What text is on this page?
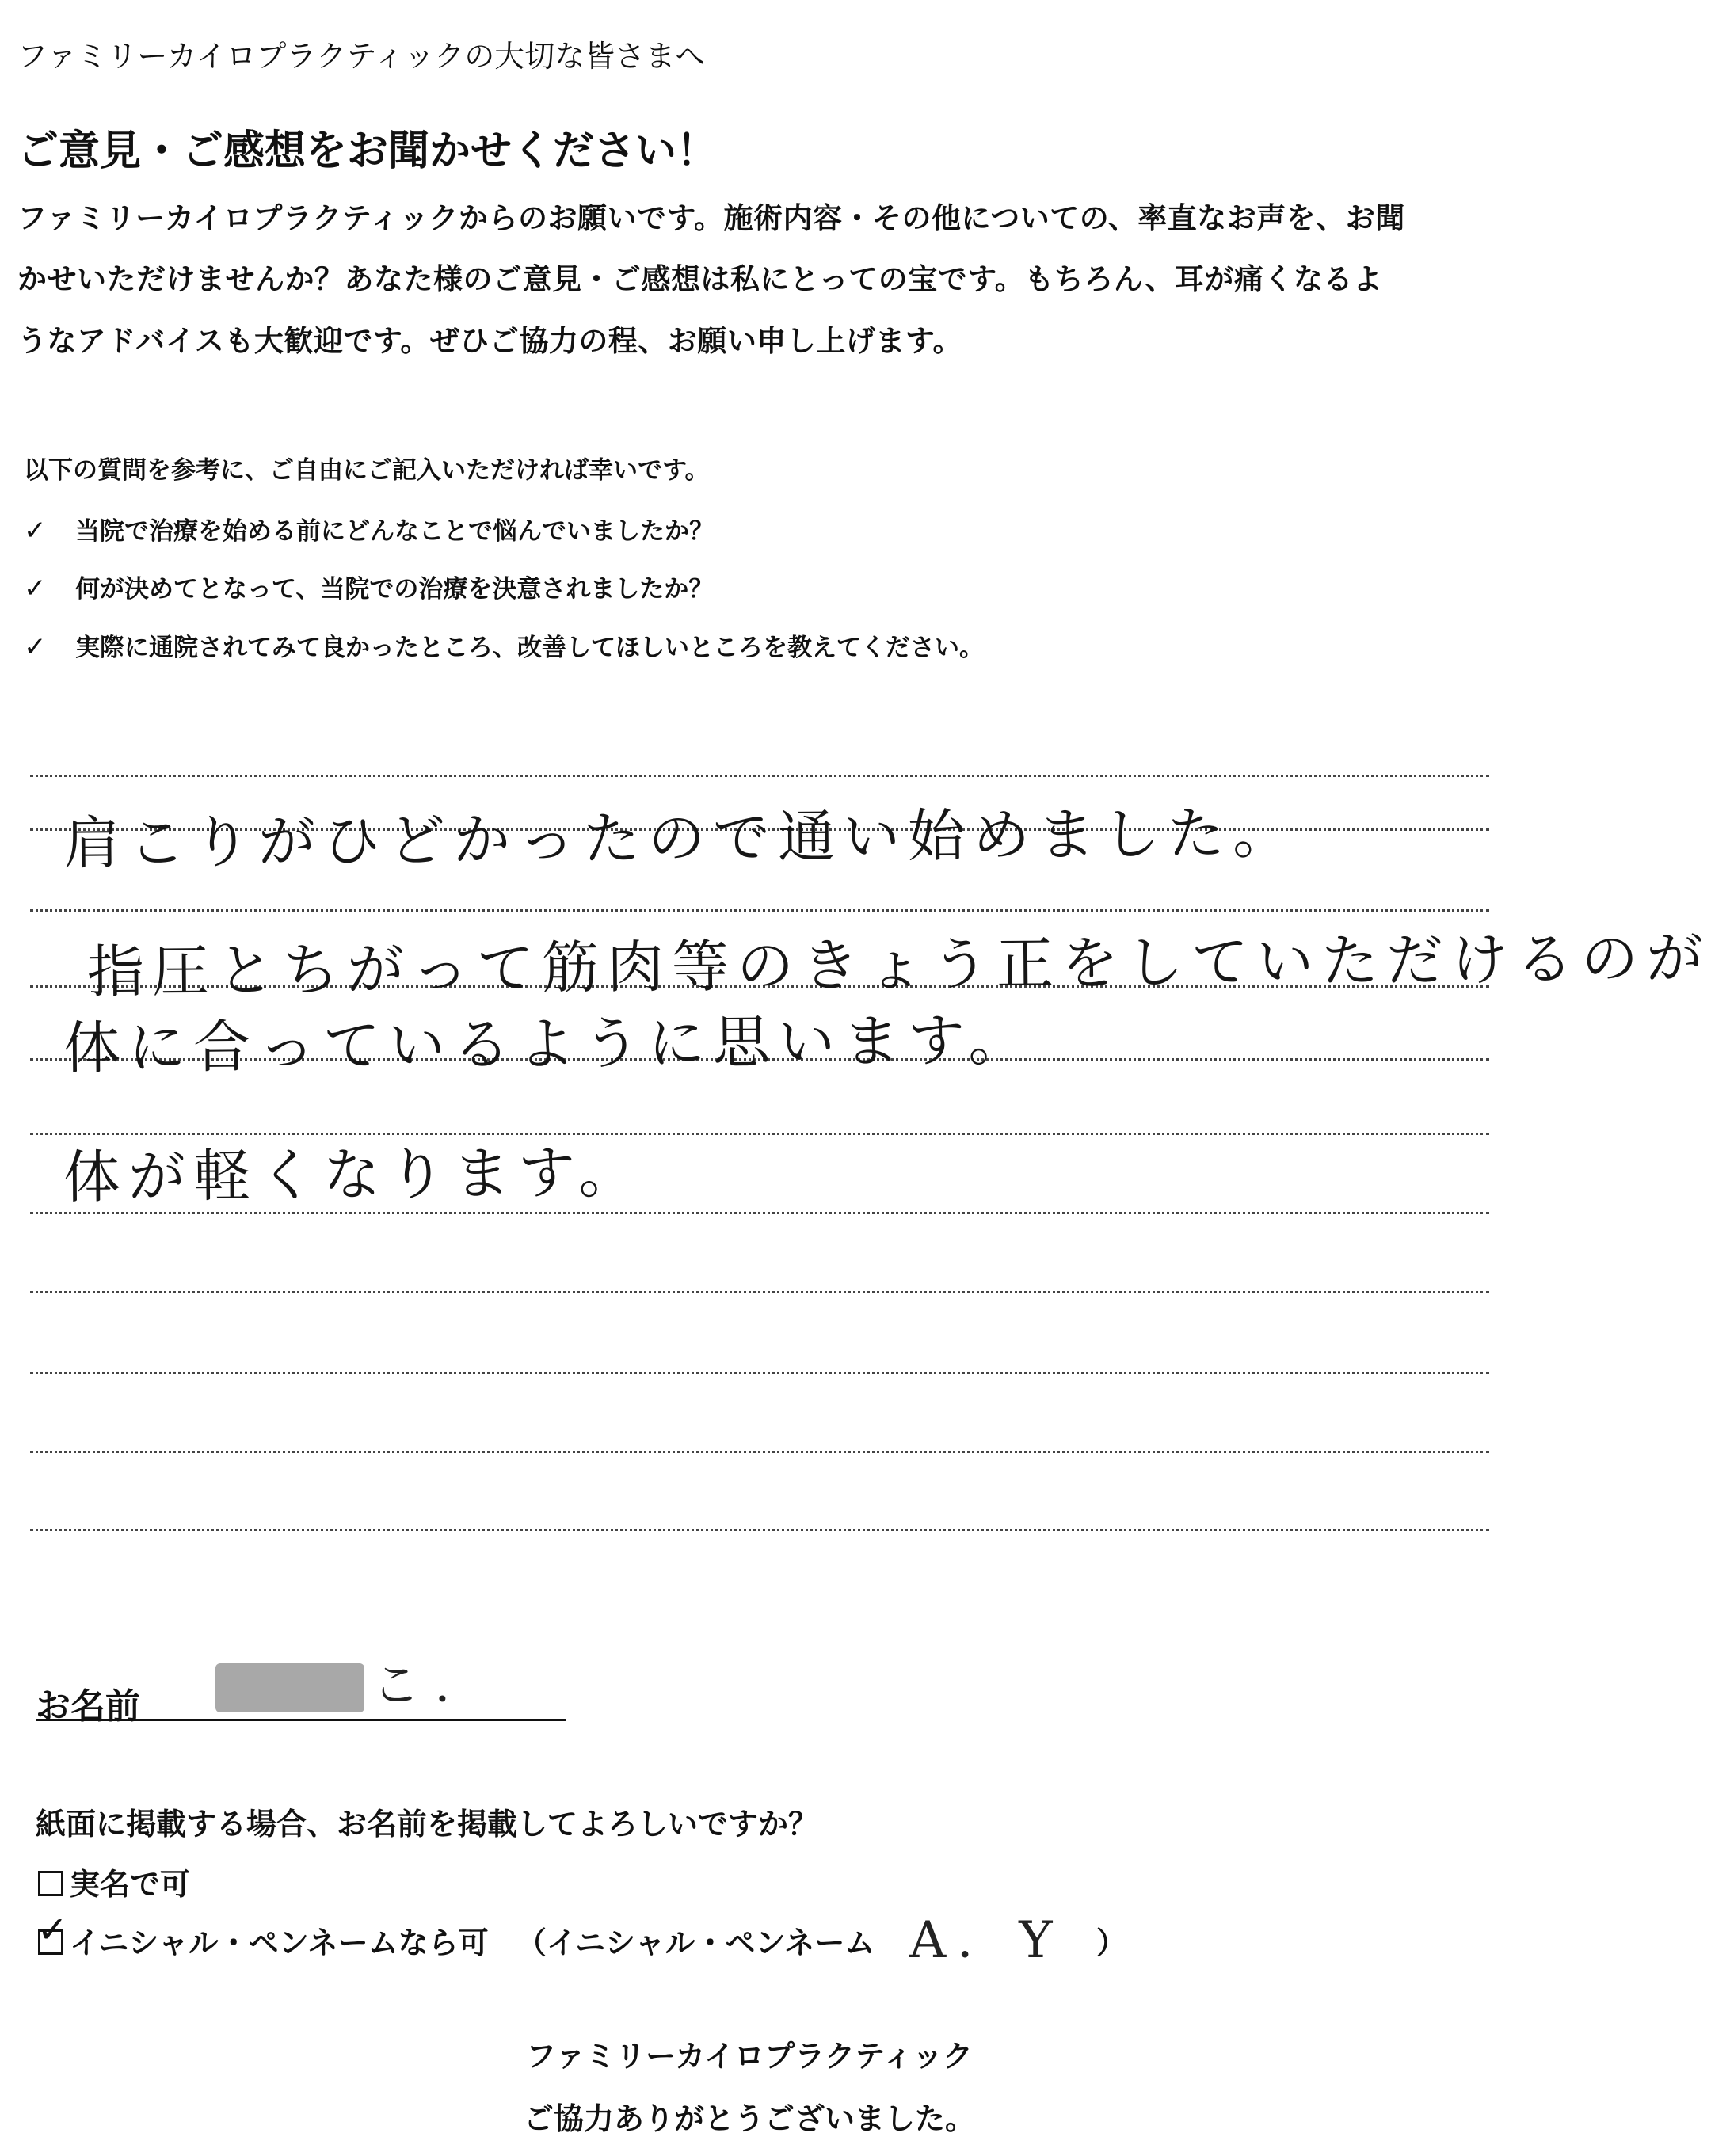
ファミリーカイロプラクティックの大切な皆さまへ
ご意見・ご感想をお聞かせください！
ファミリーカイロプラクティックからのお願いです。施術内容・その他についての、率直なお声を、お聞
かせいただけませんか？あなた様のご意見・ご感想は私にとっての宝です。もちろん、耳が痛くなるよ
うなアドバイスも大歓迎です。ぜひご協力の程、お願い申し上げます。
以下の質問を参考に、ご自由にご記入いただければ幸いです。
✓ 当院で治療を始める前にどんなことで悩んでいましたか？
✓ 何が決めてとなって、当院での治療を決意されましたか？
✓ 実際に通院されてみて良かったところ、改善してほしいところを教えてください。
肩こりがひどかったので通い始めました。
指圧とちがって筋肉等のきょう正をしていただけるのが
体に合っているように思います。
体が軽くなります。
お名前	こ ．
紙面に掲載する場合、お名前を掲載してよろしいですか？
実名で可
✓ イニシャル・ペンネームなら可 （イニシャル・ペンネーム A．Y ）
ファミリーカイロプラクティック
ご協力ありがとうございました。
